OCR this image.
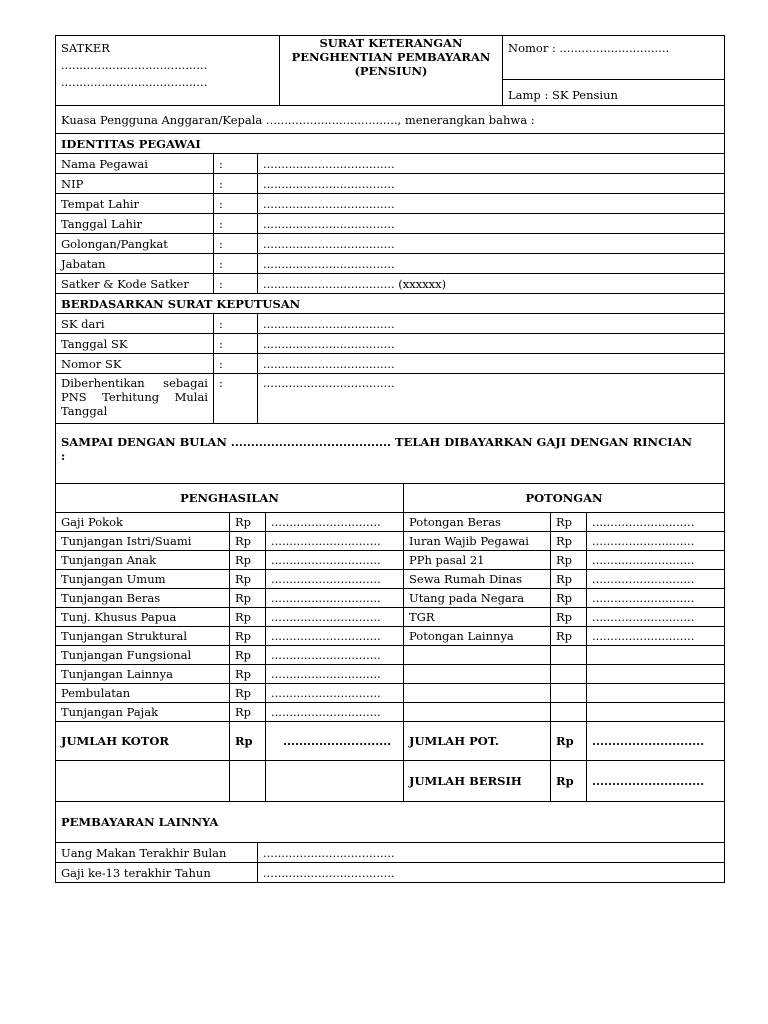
SATKER
........................................
........................................

SURAT KETERANGAN
PENGHENTIAN PEMBAYARAN
(PENSIUN)
	Nomor : ..............................
Lamp : SK Pensiun
Kuasa Pengguna Anggaran/Kepala ...................................., menerangkan bahwa :		
IDENTITAS PEGAWAI		
Nama Pegawai	:	....................................
NIP	:	....................................
Tempat Lahir	:	....................................
Tanggal Lahir	:	....................................
Golongan/Pangkat	:	....................................
Jabatan	:	....................................
Satker & Kode Satker	:	.................................... (xxxxxx)
BERDASARKAN SURAT KEPUTUSAN		
SK dari	:	....................................
Tanggal SK	:	....................................
Nomor SK	:	....................................

Diberhentikan sebagai
PNS Terhitung Mulai
Tanggal	:	....................................

SAMPAI DENGAN BULAN ........................................ TELAH DIBAYARKAN GAJI DENGAN RINCIAN
:		
PENGHASILAN			POTONGAN		
Gaji Pokok	Rp	..............................	Potongan Beras	Rp	............................
Tunjangan Istri/Suami	Rp	..............................	Iuran Wajib Pegawai	Rp	............................
Tunjangan Anak	Rp	..............................	PPh pasal 21	Rp	............................
Tunjangan Umum	Rp	..............................	Sewa Rumah Dinas	Rp	............................
Tunjangan Beras	Rp	..............................	Utang pada Negara	Rp	............................
Tunj. Khusus Papua	Rp	..............................	TGR	Rp	............................
Tunjangan Struktural	Rp	..............................	Potongan Lainnya	Rp	............................
Tunjangan Fungsional	Rp	..............................			
Tunjangan Lainnya	Rp	..............................			
Pembulatan	Rp	..............................			
Tunjangan Pajak	Rp	..............................			
JUMLAH KOTOR	Rp	...........................	JUMLAH POT.	Rp	............................
			JUMLAH BERSIH	Rp	............................
PEMBAYARAN LAINNYA	
Uang Makan Terakhir Bulan	....................................
Gaji ke-13 terakhir Tahun	....................................
